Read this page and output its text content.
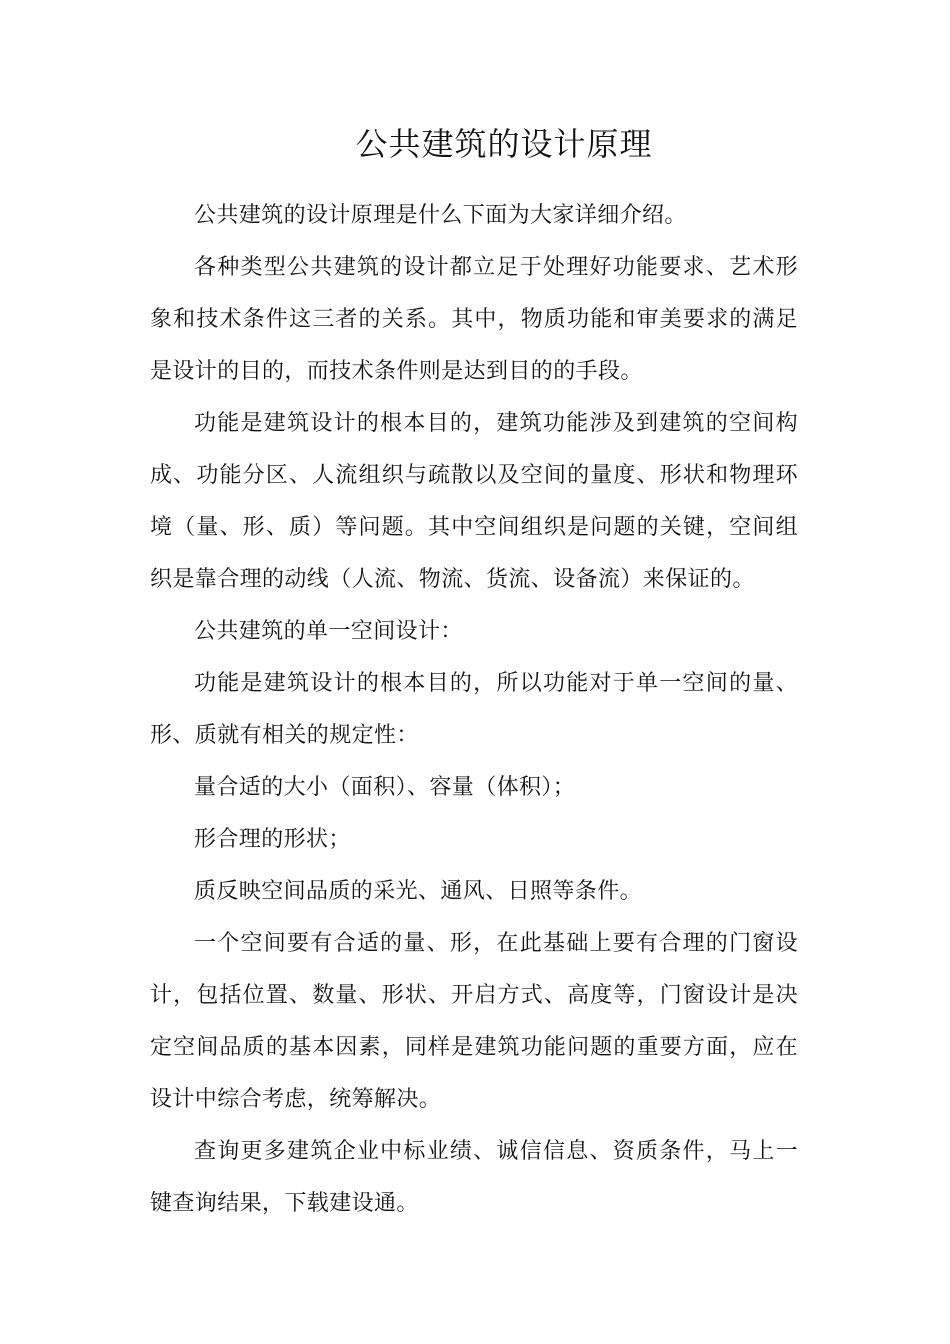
公共建筑的设计原理

公共建筑的设计原理是什么下面为大家详细介绍。

各种类型公共建筑的设计都立足于处理好功能要求、艺术形象和技术条件这三者的关系。其中，物质功能和审美要求的满足是设计的目的，而技术条件则是达到目的的手段。

功能是建筑设计的根本目的，建筑功能涉及到建筑的空间构成、功能分区、人流组织与疏散以及空间的量度、形状和物理环境（量、形、质）等问题。其中空间组织是问题的关键，空间组织是靠合理的动线（人流、物流、货流、设备流）来保证的。

公共建筑的单一空间设计：

功能是建筑设计的根本目的，所以功能对于单一空间的量、形、质就有相关的规定性：

量合适的大小（面积）、容量（体积）；

形合理的形状；

质反映空间品质的采光、通风、日照等条件。

一个空间要有合适的量、形，在此基础上要有合理的门窗设计，包括位置、数量、形状、开启方式、高度等，门窗设计是决定空间品质的基本因素，同样是建筑功能问题的重要方面，应在设计中综合考虑，统筹解决。

查询更多建筑企业中标业绩、诚信信息、资质条件，马上一键查询结果，下载建设通。
